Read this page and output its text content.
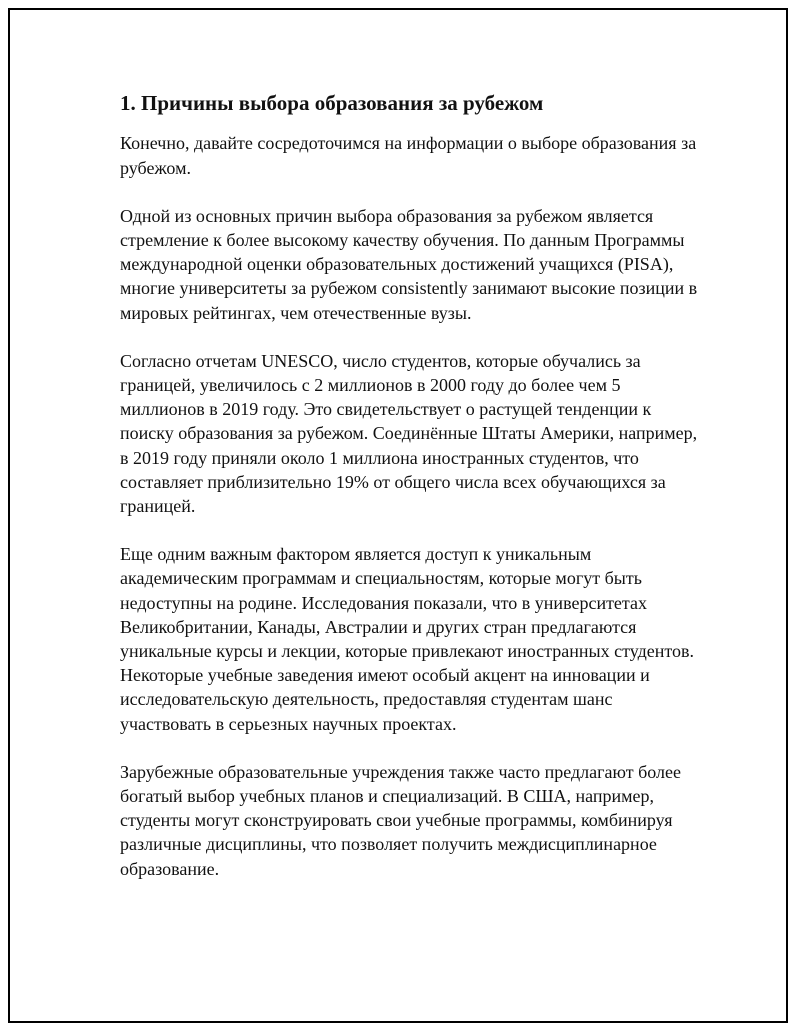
1. Причины выбора образования за рубежом

Конечно, давайте сосредоточимся на информации о выборе образования за рубежом.

Одной из основных причин выбора образования за рубежом является стремление к более высокому качеству обучения. По данным Программы международной оценки образовательных достижений учащихся (PISA), многие университеты за рубежом consistently занимают высокие позиции в мировых рейтингах, чем отечественные вузы.

Согласно отчетам UNESCO, число студентов, которые обучались за границей, увеличилось с 2 миллионов в 2000 году до более чем 5 миллионов в 2019 году. Это свидетельствует о растущей тенденции к поиску образования за рубежом. Соединённые Штаты Америки, например, в 2019 году приняли около 1 миллиона иностранных студентов, что составляет приблизительно 19% от общего числа всех обучающихся за границей.

Еще одним важным фактором является доступ к уникальным академическим программам и специальностям, которые могут быть недоступны на родине. Исследования показали, что в университетах Великобритании, Канады, Австралии и других стран предлагаются уникальные курсы и лекции, которые привлекают иностранных студентов. Некоторые учебные заведения имеют особый акцент на инновации и исследовательскую деятельность, предоставляя студентам шанс участвовать в серьезных научных проектах.

Зарубежные образовательные учреждения также часто предлагают более богатый выбор учебных планов и специализаций. В США, например, студенты могут сконструировать свои учебные программы, комбинируя различные дисциплины, что позволяет получить междисциплинарное образование.
